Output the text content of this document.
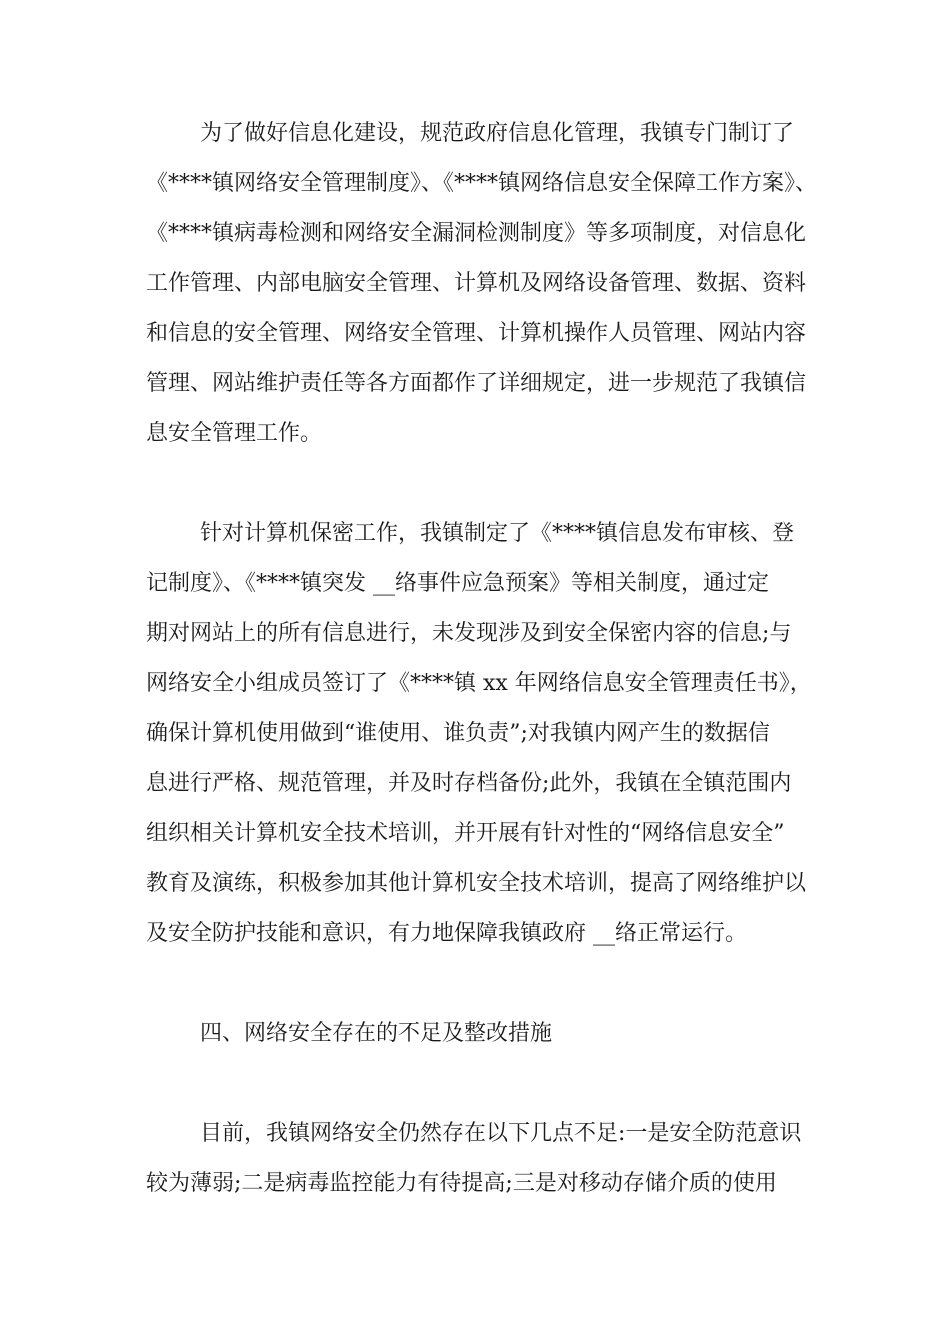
为了做好信息化建设，规范政府信息化管理，我镇专门制订了
《****镇网络安全管理制度》、《****镇网络信息安全保障工作方案》、
《****镇病毒检测和网络安全漏洞检测制度》等多项制度，对信息化
工作管理、内部电脑安全管理、计算机及网络设备管理、数据、资料
和信息的安全管理、网络安全管理、计算机操作人员管理、网站内容
管理、网站维护责任等各方面都作了详细规定，进一步规范了我镇信
息安全管理工作。
针对计算机保密工作，我镇制定了《****镇信息发布审核、登
记制度》、《****镇突发 __络事件应急预案》等相关制度，通过定
期对网站上的所有信息进行，未发现涉及到安全保密内容的信息;与
网络安全小组成员签订了《****镇 xx 年网络信息安全管理责任书》，
确保计算机使用做到“谁使用、谁负责”;对我镇内网产生的数据信
息进行严格、规范管理，并及时存档备份;此外，我镇在全镇范围内
组织相关计算机安全技术培训，并开展有针对性的“网络信息安全”
教育及演练，积极参加其他计算机安全技术培训，提高了网络维护以
及安全防护技能和意识，有力地保障我镇政府 __络正常运行。
四、网络安全存在的不足及整改措施
目前，我镇网络安全仍然存在以下几点不足:一是安全防范意识
较为薄弱;二是病毒监控能力有待提高;三是对移动存储介质的使用
